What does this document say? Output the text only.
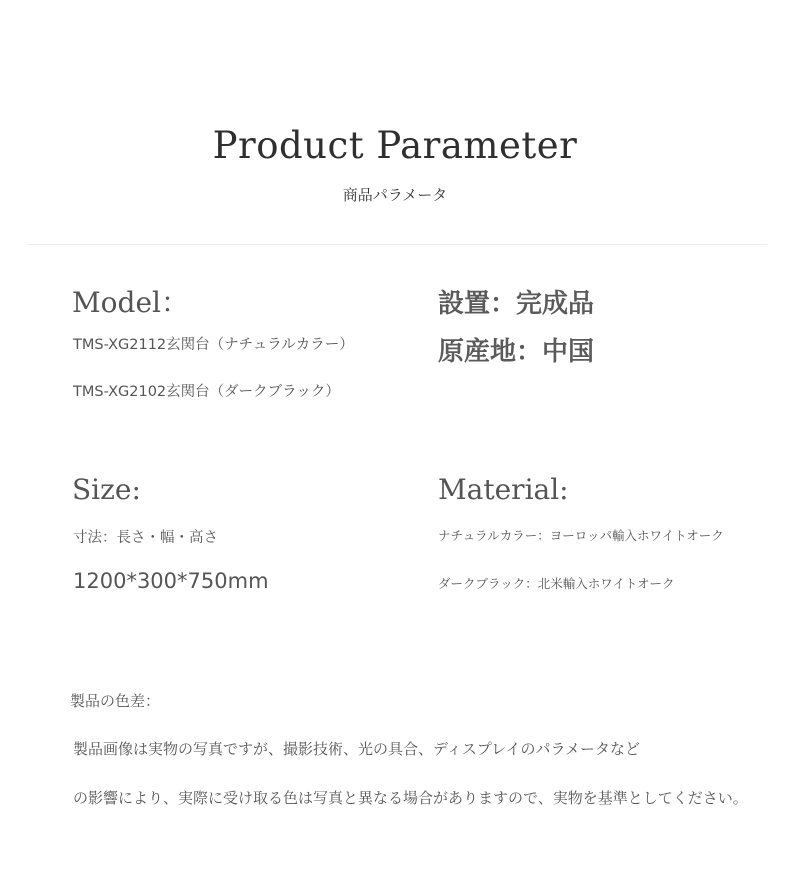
Product Parameter
商品パラメータ
Model：
TMS-XG2112玄関台（ナチュラルカラー）
TMS-XG2102玄関台（ダークブラック）
設置：完成品
原産地：中国
Size:
寸法：長さ・幅・高さ
1200*300*750mm
Material:
ナチュラルカラー：ヨーロッパ輸入ホワイトオーク
ダークブラック：北米輸入ホワイトオーク
製品の色差：
製品画像は実物の写真ですが、撮影技術、光の具合、ディスプレイのパラメータなど
の影響により、実際に受け取る色は写真と異なる場合がありますので、実物を基準としてください。
